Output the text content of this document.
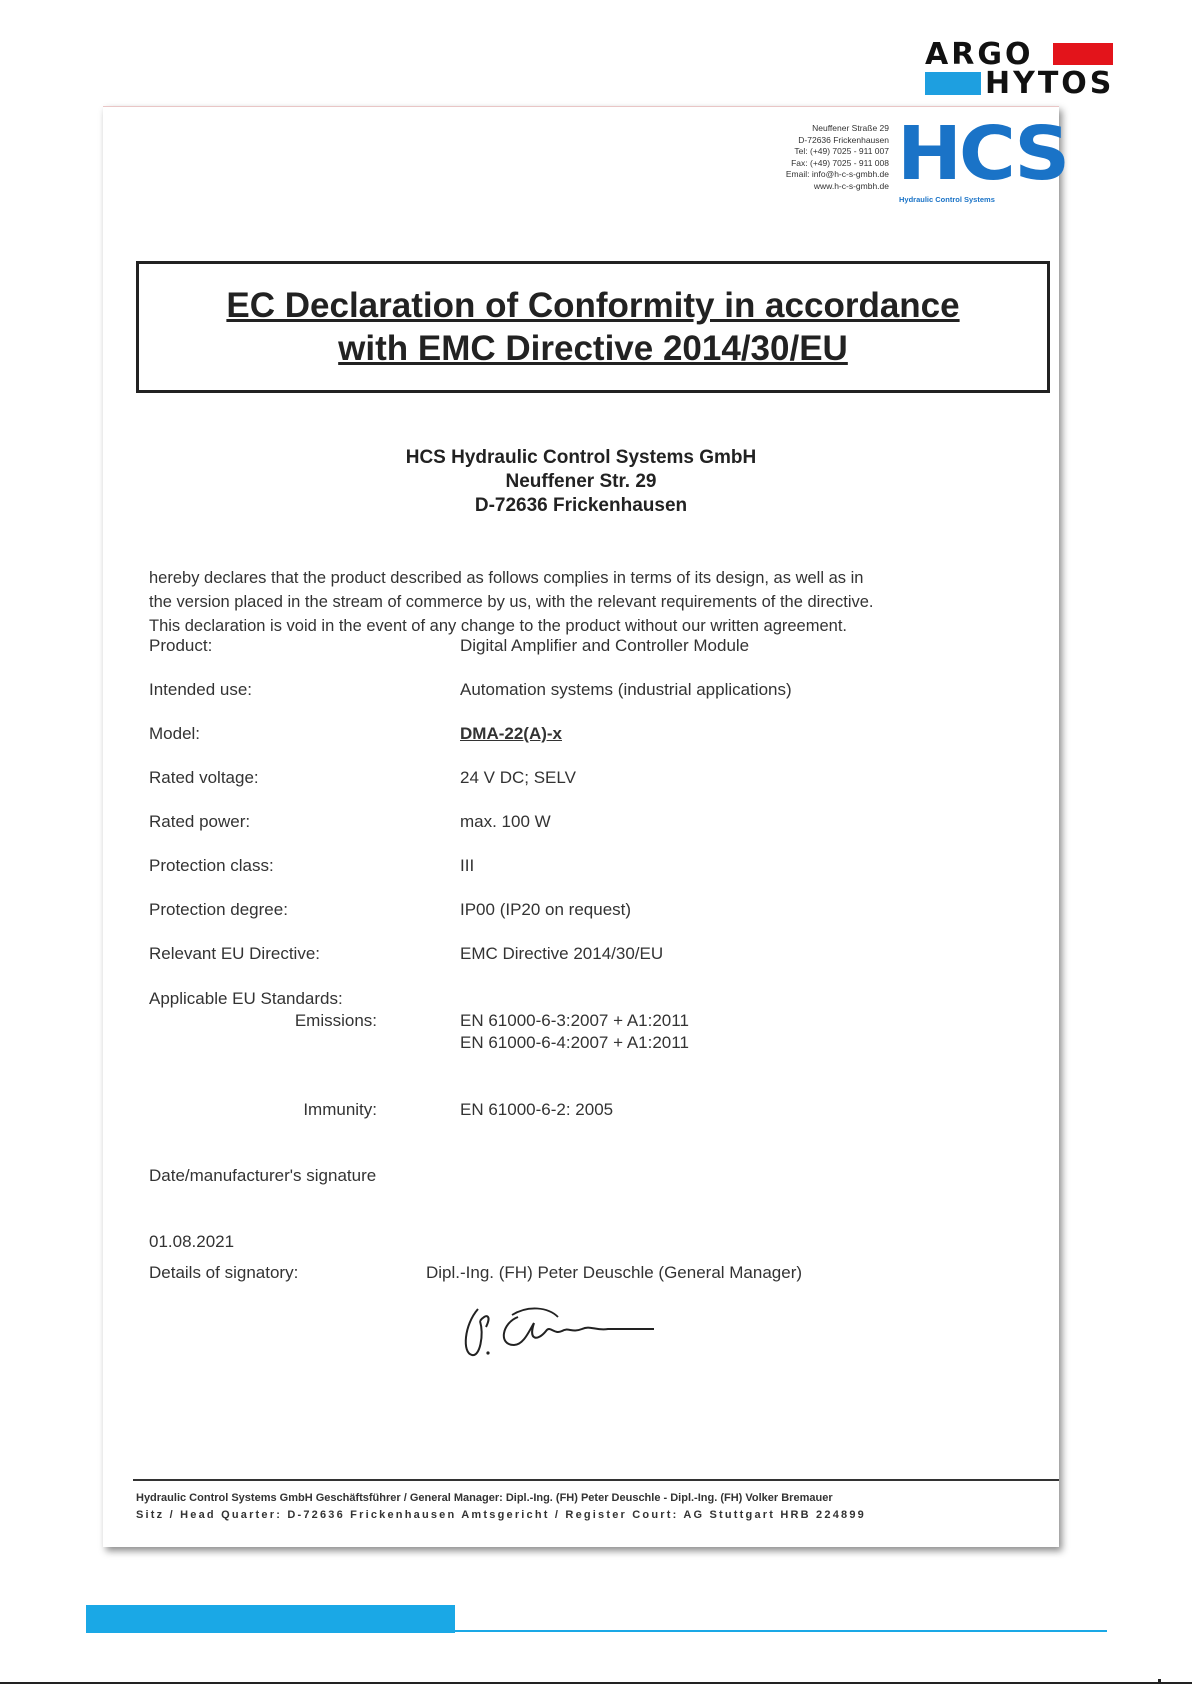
ARGO
HYTOS
Neuffener Straße 29
D-72636 Frickenhausen
Tel: (+49) 7025 - 911 007
Fax: (+49) 7025 - 911 008
Email: info@h-c-s-gmbh.de
www.h-c-s-gmbh.de HCS
Hydraulic Control Systems
EC Declaration of Conformity in accordance
with EMC Directive 2014/30/EU
HCS Hydraulic Control Systems GmbH
Neuffener Str. 29
D-72636 Frickenhausen
hereby declares that the product described as follows complies in terms of its design, as well as in
the version placed in the stream of commerce by us, with the relevant requirements of the directive.
This declaration is void in the event of any change to the product without our written agreement.
Product:	Digital Amplifier and Controller Module
Intended use:	Automation systems (industrial applications)
Model:	DMA-22(A)-x
Rated voltage:	24 V DC; SELV
Rated power:	max. 100 W
Protection class:	III
Protection degree:	IP00 (IP20 on request)
Relevant EU Directive:	EMC Directive 2014/30/EU
Applicable EU Standards:
Emissions:	EN 61000-6-3:2007 + A1:2011
EN 61000-6-4:2007 + A1:2011
Immunity:	EN 61000-6-2: 2005
Date/manufacturer's signature
01.08.2021
Details of signatory:	Dipl.-Ing. (FH) Peter Deuschle (General Manager)
Hydraulic Control Systems GmbH Geschäftsführer / General Manager: Dipl.-Ing. (FH) Peter Deuschle - Dipl.-Ing. (FH) Volker Bremauer
Sitz / Head Quarter: D-72636 Frickenhausen Amtsgericht / Register Court: AG Stuttgart HRB 224899
